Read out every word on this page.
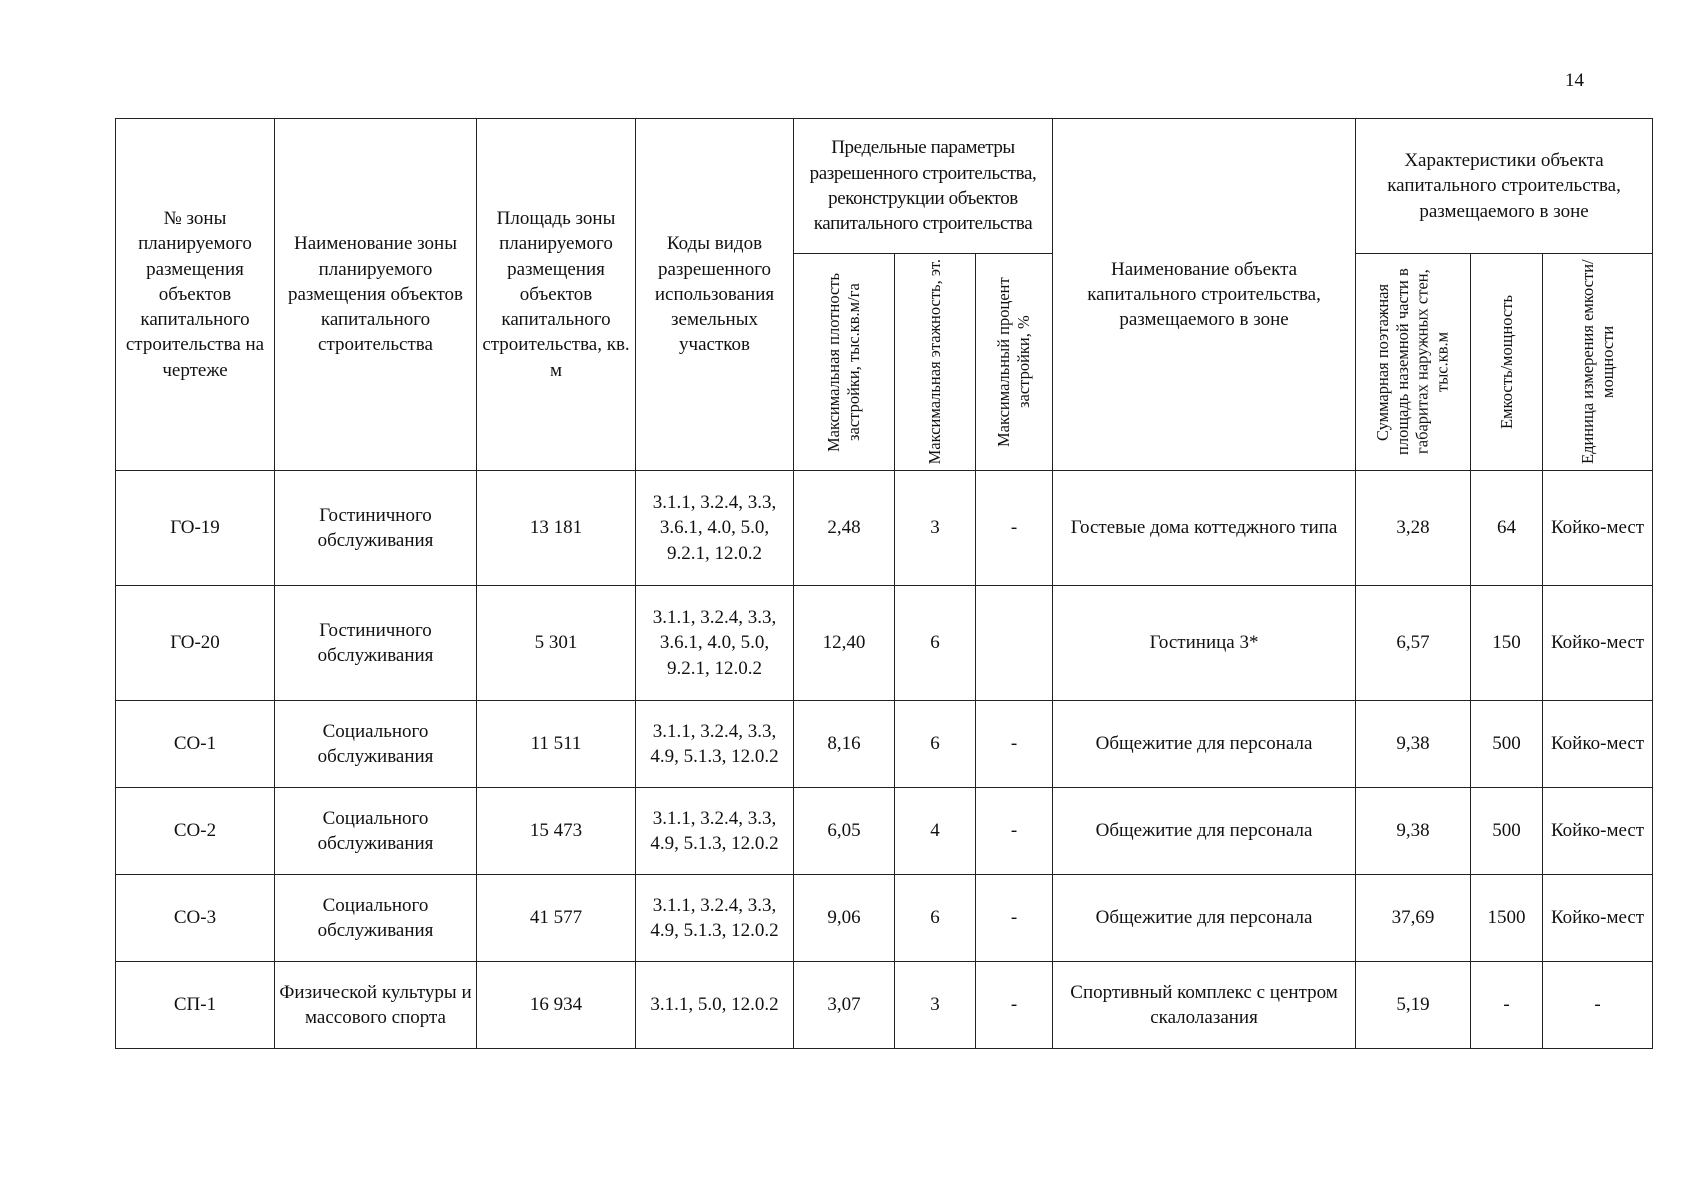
14
№ зоны планируемого размещения объектов капитального строительства на чертеже	Наименование зоны планируемого размещения объектов капитального строительства	Площадь зоны планируемого размещения объектов капитального строительства, кв. м	Коды видов разрешенного использования земельных участков	Предельные параметры разрешенного строительства, реконструкции объектов капитального строительства			Наименование объекта капитального строительства, размещаемого в зоне	Характеристики объекта капитального строительства, размещаемого в зоне		

				Максимальная плотность застройки, тыс.кв.м/га	Максимальная этажность, эт.	Максимальный процент застройки, %		Суммарная поэтажная площадь наземной части в габаритах наружных стен, тыс.кв.м	Емкость/мощность	Единица измерения емкости/мощности

ГО-19	Гостиничного обслуживания	13 181	3.1.1, 3.2.4, 3.3, 3.6.1, 4.0, 5.0, 9.2.1, 12.0.2	2,48	3	-	Гостевые дома коттеджного типа	3,28	64	Койко-мест
ГО-20	Гостиничного обслуживания	5 301	3.1.1, 3.2.4, 3.3, 3.6.1, 4.0, 5.0, 9.2.1, 12.0.2	12,40	6		Гостиница 3*	6,57	150	Койко-мест
СО-1	Социального обслуживания	11 511	3.1.1, 3.2.4, 3.3, 4.9, 5.1.3, 12.0.2	8,16	6	-	Общежитие для персонала	9,38	500	Койко-мест
СО-2	Социального обслуживания	15 473	3.1.1, 3.2.4, 3.3, 4.9, 5.1.3, 12.0.2	6,05	4	-	Общежитие для персонала	9,38	500	Койко-мест
СО-3	Социального обслуживания	41 577	3.1.1, 3.2.4, 3.3, 4.9, 5.1.3, 12.0.2	9,06	6	-	Общежитие для персонала	37,69	1500	Койко-мест
СП-1	Физической культуры и массового спорта	16 934	3.1.1, 5.0, 12.0.2	3,07	3	-	Спортивный комплекс с центром скалолазания	5,19	-	-
